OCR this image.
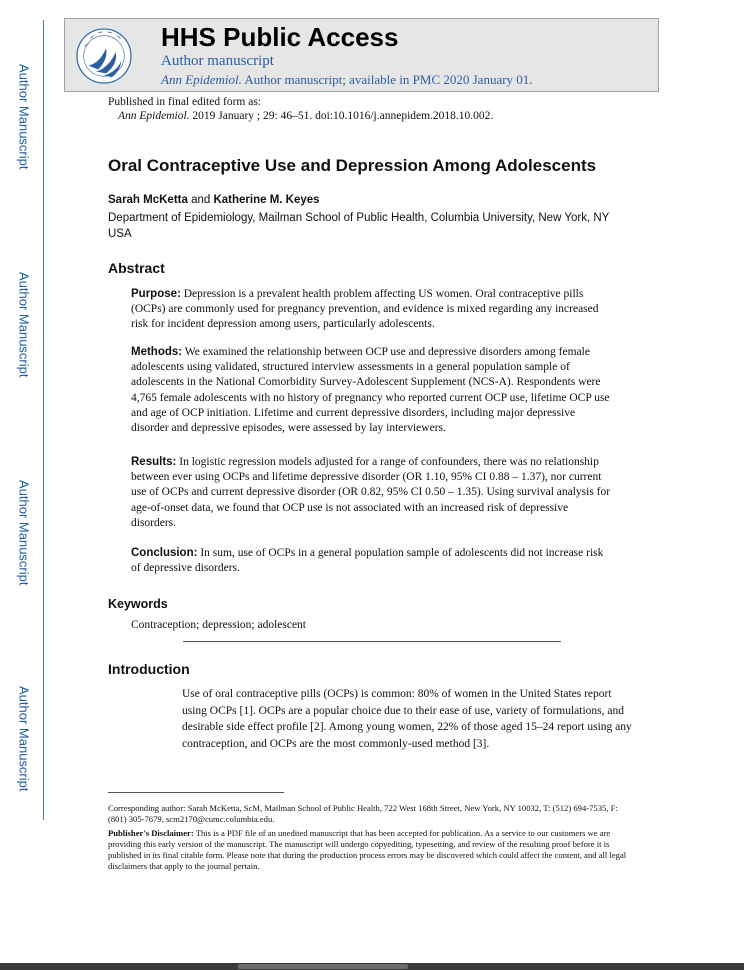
Author Manuscript
Author Manuscript
Author Manuscript
Author Manuscript
HHS Public Access
Author manuscript
Ann Epidemiol. Author manuscript; available in PMC 2020 January 01.
Published in final edited form as:
Ann Epidemiol. 2019 January ; 29: 46–51. doi:10.1016/j.annepidem.2018.10.002.
Oral Contraceptive Use and Depression Among Adolescents
Sarah McKetta and Katherine M. Keyes
Department of Epidemiology, Mailman School of Public Health, Columbia University, New York, NY USA
Abstract
Purpose: Depression is a prevalent health problem affecting US women. Oral contraceptive pills (OCPs) are commonly used for pregnancy prevention, and evidence is mixed regarding any increased risk for incident depression among users, particularly adolescents.
Methods: We examined the relationship between OCP use and depressive disorders among female adolescents using validated, structured interview assessments in a general population sample of adolescents in the National Comorbidity Survey-Adolescent Supplement (NCS-A). Respondents were 4,765 female adolescents with no history of pregnancy who reported current OCP use, lifetime OCP use and age of OCP initiation. Lifetime and current depressive disorders, including major depressive disorder and depressive episodes, were assessed by lay interviewers.
Results: In logistic regression models adjusted for a range of confounders, there was no relationship between ever using OCPs and lifetime depressive disorder (OR 1.10, 95% CI 0.88 – 1.37), nor current use of OCPs and current depressive disorder (OR 0.82, 95% CI 0.50 – 1.35). Using survival analysis for age-of-onset data, we found that OCP use is not associated with an increased risk of depressive disorders.
Conclusion: In sum, use of OCPs in a general population sample of adolescents did not increase risk of depressive disorders.
Keywords
Contraception; depression; adolescent
Introduction
Use of oral contraceptive pills (OCPs) is common: 80% of women in the United States report using OCPs [1]. OCPs are a popular choice due to their ease of use, variety of formulations, and desirable side effect profile [2]. Among young women, 22% of those aged 15–24 report using any contraception, and OCPs are the most commonly-used method [3].
Corresponding author: Sarah McKetta, ScM, Mailman School of Public Health, 722 West 168th Street, New York, NY 10032, T: (512) 694-7535, F: (801) 305-7679, scm2170@cumc.columbia.edu.
Publisher's Disclaimer: This is a PDF file of an unedited manuscript that has been accepted for publication. As a service to our customers we are providing this early version of the manuscript. The manuscript will undergo copyediting, typesetting, and review of the resulting proof before it is published in its final citable form. Please note that during the production process errors may be discovered which could affect the content, and all legal disclaimers that apply to the journal pertain.
